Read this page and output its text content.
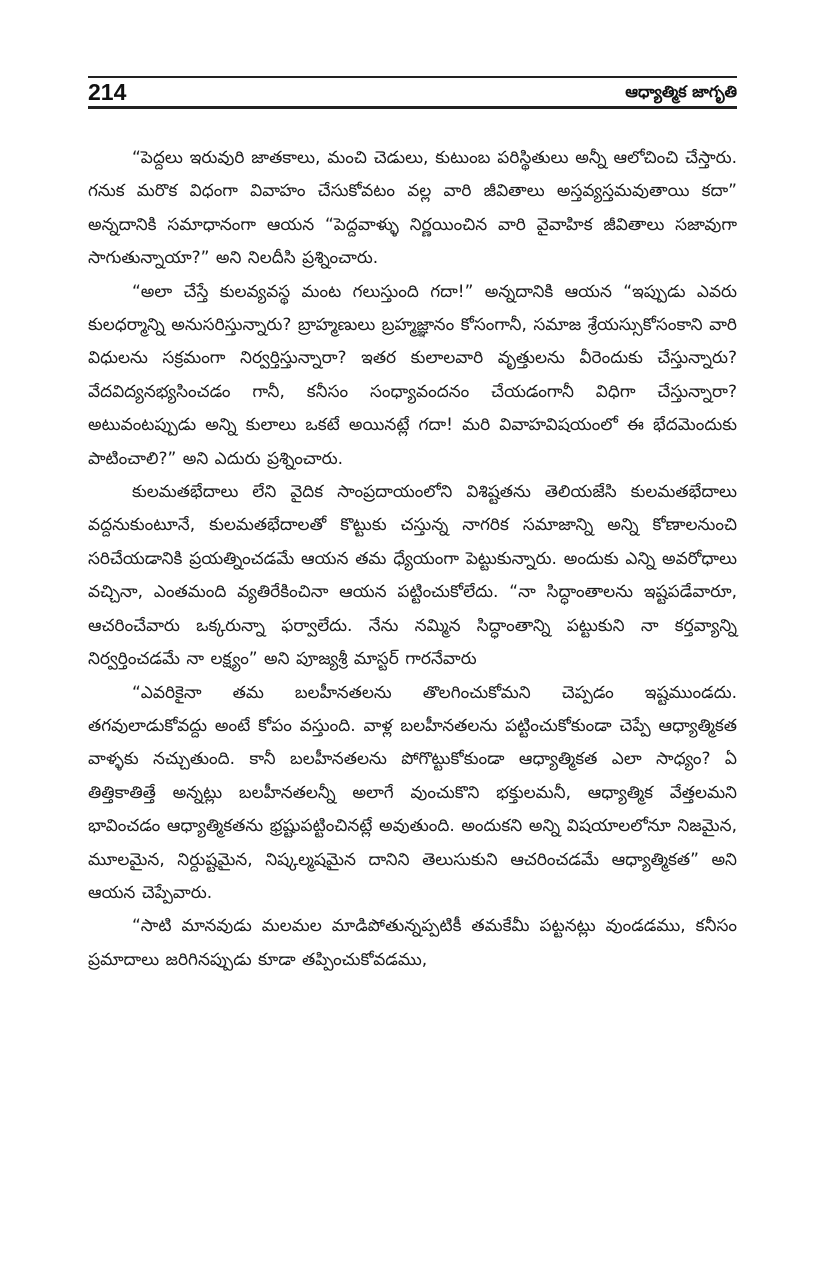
214	ఆధ్యాత్మిక జాగృతి

“పెద్దలు ఇరువురి జాతకాలు, మంచి చెడులు, కుటుంబ పరిస్థితులు అన్నీ ఆలోచించి చేస్తారు. గనుక మరొక విధంగా వివాహం చేసుకోవటం వల్ల వారి జీవితాలు అస్తవ్యస్తమవుతాయి కదా” అన్నదానికి సమాధానంగా ఆయన “పెద్దవాళ్ళు నిర్ణయించిన వారి వైవాహిక జీవితాలు సజావుగా సాగుతున్నాయా?” అని నిలదీసి ప్రశ్నించారు.

“అలా చేస్తే కులవ్యవస్థ మంట గలుస్తుంది గదా!” అన్నదానికి ఆయన “ఇప్పుడు ఎవరు కులధర్మాన్ని అనుసరిస్తున్నారు? బ్రాహ్మణులు బ్రహ్మజ్ఞానం కోసంగానీ, సమాజ శ్రేయస్సుకోసంకాని వారి విధులను సక్రమంగా నిర్వర్తిస్తున్నారా? ఇతర కులాలవారి వృత్తులను వీరెందుకు చేస్తున్నారు? వేదవిద్యనభ్యసించడం గానీ, కనీసం సంధ్యావందనం చేయడంగానీ విధిగా చేస్తున్నారా? అటువంటప్పుడు అన్ని కులాలు ఒకటే అయినట్లే గదా! మరి వివాహవిషయంలో ఈ భేదమెందుకు పాటించాలి?” అని ఎదురు ప్రశ్నించారు.

కులమతభేదాలు లేని వైదిక సాంప్రదాయంలోని విశిష్టతను తెలియజేసి కులమతభేదాలు వద్దనుకుంటూనే, కులమతభేదాలతో కొట్టుకు చస్తున్న నాగరిక సమాజాన్ని అన్ని కోణాలనుంచి సరిచేయడానికి ప్రయత్నించడమే ఆయన తమ ధ్యేయంగా పెట్టుకున్నారు. అందుకు ఎన్ని అవరోధాలు వచ్చినా, ఎంతమంది వ్యతిరేకించినా ఆయన పట్టించుకోలేదు. “నా సిద్ధాంతాలను ఇష్టపడేవారూ, ఆచరించేవారు ఒక్కరున్నా ఫర్వాలేదు. నేను నమ్మిన సిద్ధాంతాన్ని పట్టుకుని నా కర్తవ్యాన్ని నిర్వర్తించడమే నా లక్ష్యం” అని పూజ్యశ్రీ మాస్టర్ గారనేవారు

“ఎవరికైనా తమ బలహీనతలను తొలగించుకోమని చెప్పడం ఇష్టముండదు. తగవులాడుకోవద్దు అంటే కోపం వస్తుంది. వాళ్ల బలహీనతలను పట్టించుకోకుండా చెప్పే ఆధ్యాత్మికత వాళ్ళకు నచ్చుతుంది. కానీ బలహీనతలను పోగొట్టుకోకుండా ఆధ్యాత్మికత ఎలా సాధ్యం? ఏ తిత్తికాతిత్తే అన్నట్లు బలహీనతలన్నీ అలాగే వుంచుకొని భక్తులమనీ, ఆధ్యాత్మిక వేత్తలమని భావించడం ఆధ్యాత్మికతను భ్రష్టుపట్టించినట్లే అవుతుంది. అందుకని అన్ని విషయాలలోనూ నిజమైన, మూలమైన, నిర్దుష్టమైన, నిష్కల్మషమైన దానిని తెలుసుకుని ఆచరించడమే ఆధ్యాత్మికత” అని ఆయన చెప్పేవారు.

“సాటి మానవుడు మలమల మాడిపోతున్నప్పటికీ తమకేమీ పట్టనట్లు వుండడము, కనీసం ప్రమాదాలు జరిగినప్పుడు కూడా తప్పించుకోవడము,
